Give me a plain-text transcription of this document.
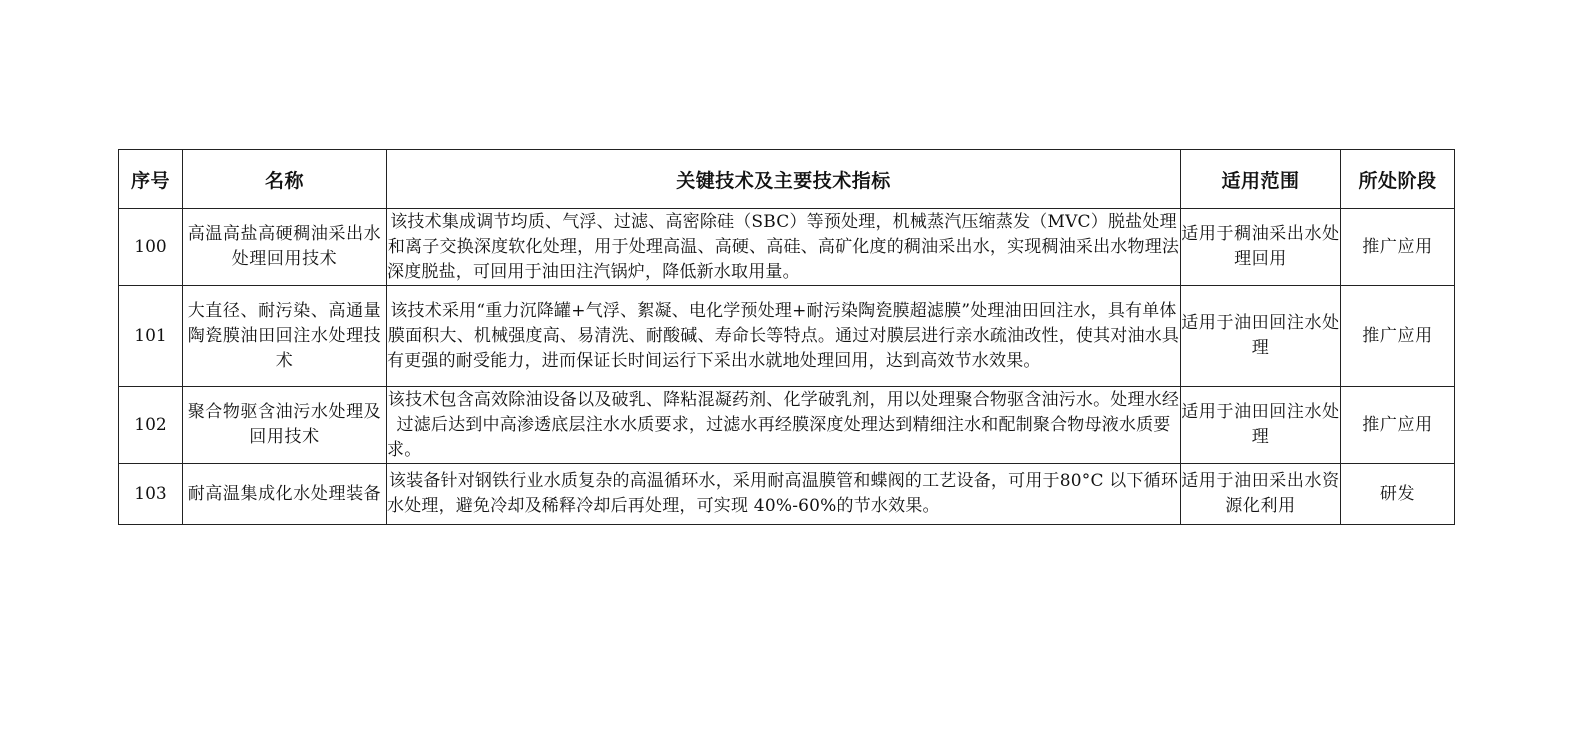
序号	名称	关键技术及主要技术指标	适用范围	所处阶段
100	高温高盐高硬稠油采出水处理回用技术	该技术集成调节均质、气浮、过滤、高密除硅（SBC）等预处理，机械蒸汽压缩蒸发（MVC）脱盐处理和离子交换深度软化处理，用于处理高温、高硬、高硅、高矿化度的稠油采出水，实现稠油采出水物理法深度脱盐，可回用于油田注汽锅炉，降低新水取用量。	适用于稠油采出水处理回用	推广应用
101	大直径、耐污染、高通量陶瓷膜油田回注水处理技术	该技术采用“重力沉降罐+气浮、絮凝、电化学预处理+耐污染陶瓷膜超滤膜”处理油田回注水，具有单体膜面积大、机械强度高、易清洗、耐酸碱、寿命长等特点。通过对膜层进行亲水疏油改性，使其对油水具有更强的耐受能力，进而保证长时间运行下采出水就地处理回用，达到高效节水效果。	适用于油田回注水处理	推广应用
102	聚合物驱含油污水处理及回用技术	该技术包含高效除油设备以及破乳、降粘混凝药剂、化学破乳剂，用以处理聚合物驱含油污水。处理水经过滤后达到中高渗透底层注水水质要求，过滤水再经膜深度处理达到精细注水和配制聚合物母液水质要求。	适用于油田回注水处理	推广应用
103	耐高温集成化水处理装备	该装备针对钢铁行业水质复杂的高温循环水，采用耐高温膜管和蝶阀的工艺设备，可用于80°C 以下循环水处理，避免冷却及稀释冷却后再处理，可实现 40%-60%的节水效果。	适用于油田采出水资源化利用	研发
